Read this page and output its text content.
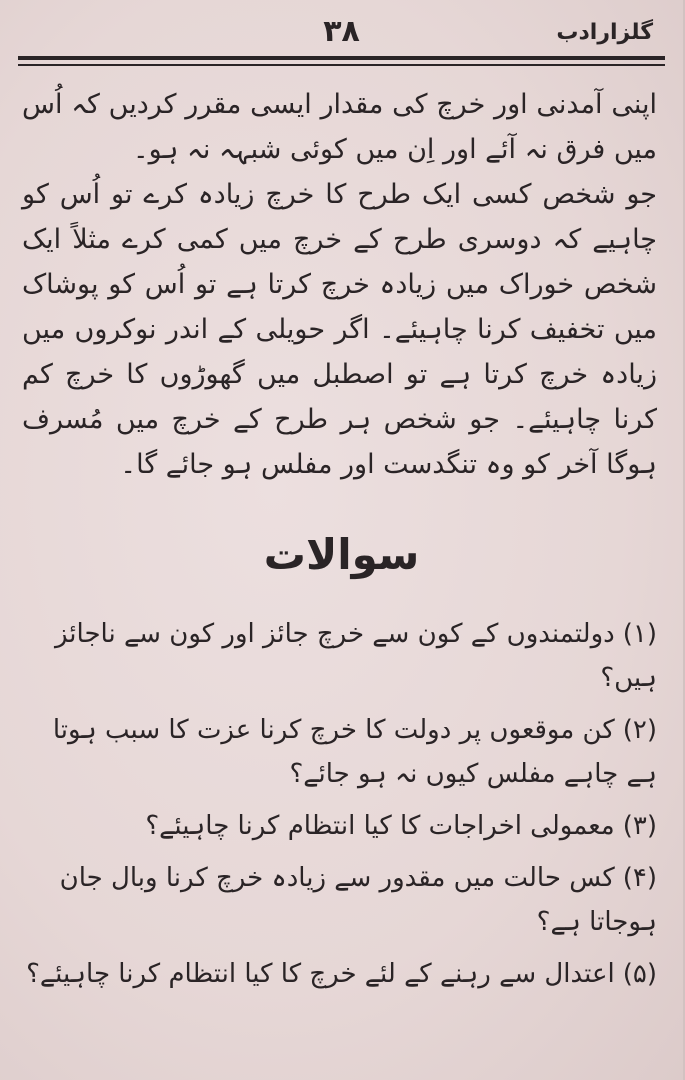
گلزارادب
۳۸

اپنی آمدنی اور خرچ کی مقدار ایسی مقرر کردیں کہ اُس میں فرق نہ آئے اور اِن میں کوئی شبہہ نہ ہو۔

جو شخص کسی ایک طرح کا خرچ زیادہ کرے تو اُس کو چاہیے کہ دوسری طرح کے خرچ میں کمی کرے مثلاً ایک شخص خوراک میں زیادہ خرچ کرتا ہے تو اُس کو پوشاک میں تخفیف کرنا چاہیئے۔ اگر حویلی کے اندر نوکروں میں زیادہ خرچ کرتا ہے تو اصطبل میں گھوڑوں کا خرچ کم کرنا چاہیئے۔ جو شخص ہر طرح کے خرچ میں مُسرف ہوگا آخر کو وہ تنگدست اور مفلس ہو جائے گا۔

سوالات

(۱)دولتمندوں کے کون سے خرچ جائز اور کون سے ناجائز ہیں؟

(۲)کن موقعوں پر دولت کا خرچ کرنا عزت کا سبب ہوتا ہے چاہے مفلس کیوں نہ ہو جائے؟

(۳)معمولی اخراجات کا کیا انتظام کرنا چاہیئے؟

(۴)کس حالت میں مقدور سے زیادہ خرچ کرنا وبال جان ہوجاتا ہے؟

(۵)اعتدال سے رہنے کے لئے خرچ کا کیا انتظام کرنا چاہیئے؟
